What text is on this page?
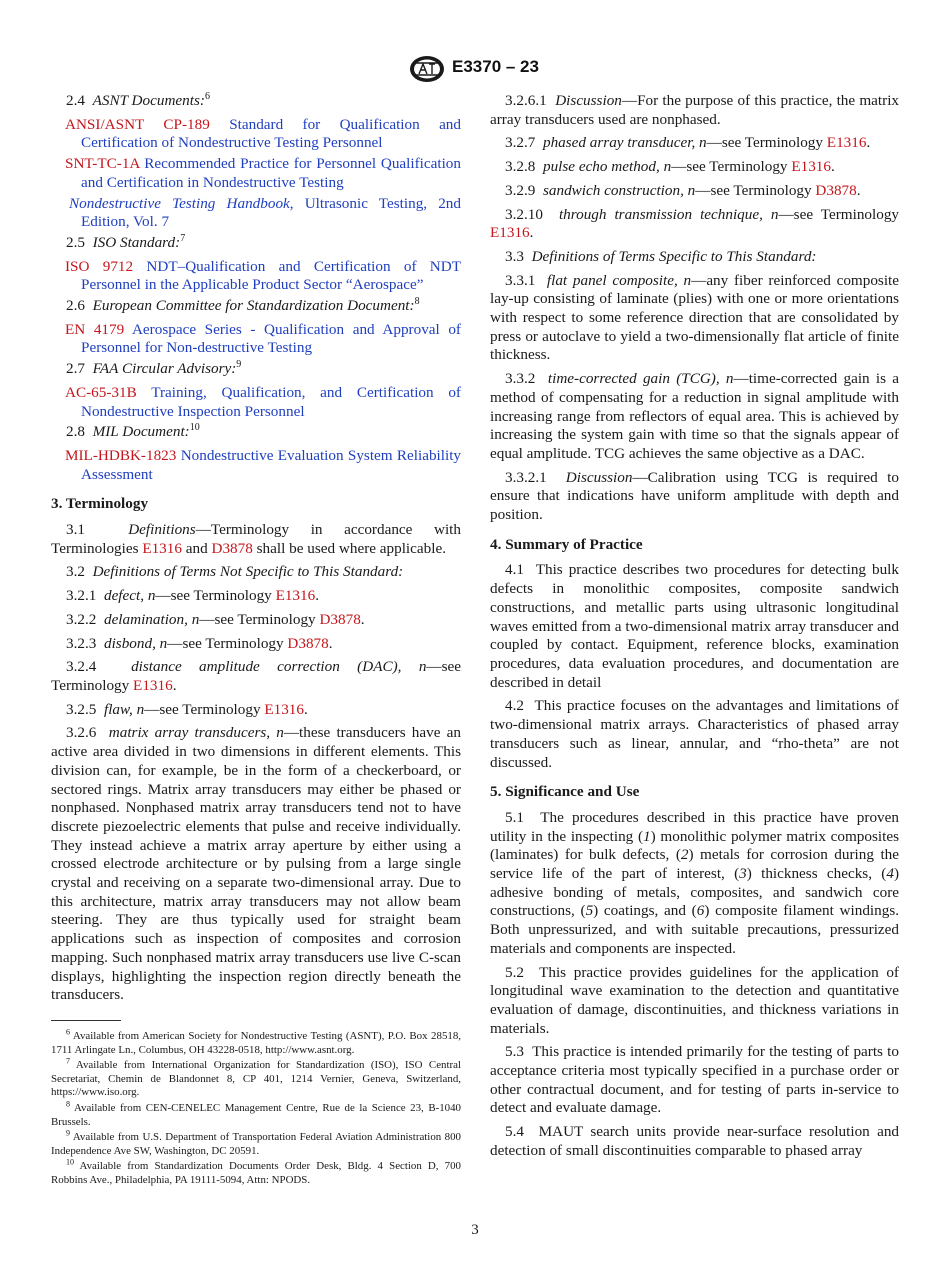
E3370 – 23

2.4 ASNT Documents:$^6$

ANSI/ASNT CP-189 Standard for Qualification and Certification of Nondestructive Testing Personnel

SNT-TC-1A Recommended Practice for Personnel Qualification and Certification in Nondestructive Testing

Nondestructive Testing Handbook, Ultrasonic Testing, 2nd Edition, Vol. 7

2.5 ISO Standard:$^7$

ISO 9712 NDT–Qualification and Certification of NDT Personnel in the Applicable Product Sector “Aerospace”

2.6 European Committee for Standardization Document:$^8$

EN 4179 Aerospace Series - Qualification and Approval of Personnel for Non-destructive Testing

2.7 FAA Circular Advisory:$^9$

AC-65-31B Training, Qualification, and Certification of Nondestructive Inspection Personnel

2.8 MIL Document:$^{10}$

MIL-HDBK-1823 Nondestructive Evaluation System Reliability Assessment

3. Terminology

3.1	Definitions—Terminology in accordance with Terminologies E1316 and D3878 shall be used where applicable.

3.2 Definitions of Terms Not Specific to This Standard:

3.2.1 defect, n—see Terminology E1316.

3.2.2 delamination, n—see Terminology D3878.

3.2.3 disbond, n—see Terminology D3878.

3.2.4 distance amplitude correction (DAC), n—see Terminology E1316.

3.2.5 flaw, n—see Terminology E1316.

3.2.6 matrix array transducers, n—these transducers have an active area divided in two dimensions in different elements. This division can, for example, be in the form of a checkerboard, or sectored rings. Matrix array transducers may either be phased or nonphased. Nonphased matrix array transducers tend not to have discrete piezoelectric elements that pulse and receive individually. They instead achieve a matrix array aperture by either using a crossed electrode architecture or by pulsing from a large single crystal and receiving on a separate two-dimensional array. Due to this architecture, matrix array transducers may not allow beam steering. They are thus typically used for straight beam applications such as inspection of composites and corrosion mapping. Such nonphased matrix array transducers use live C-scan displays, highlighting the inspection region directly beneath the transducers.

$^6$ Available from American Society for Nondestructive Testing (ASNT), P.O. Box 28518, 1711 Arlingate Ln., Columbus, OH 43228-0518, http://www.asnt.org.

$^7$ Available from International Organization for Standardization (ISO), ISO Central Secretariat, Chemin de Blandonnet 8, CP 401, 1214 Vernier, Geneva, Switzerland, https://www.iso.org.

$^8$ Available from CEN-CENELEC Management Centre, Rue de la Science 23, B-1040 Brussels.

$^9$ Available from U.S. Department of Transportation Federal Aviation Administration 800 Independence Ave SW, Washington, DC 20591.

$^{10}$ Available from Standardization Documents Order Desk, Bldg. 4 Section D, 700 Robbins Ave., Philadelphia, PA 19111-5094, Attn: NPODS.

3.2.6.1 Discussion—For the purpose of this practice, the matrix array transducers used are nonphased.

3.2.7 phased array transducer, n—see Terminology E1316.

3.2.8 pulse echo method, n—see Terminology E1316.

3.2.9 sandwich construction, n—see Terminology D3878.

3.2.10 through transmission technique, n—see Terminology E1316.

3.3 Definitions of Terms Specific to This Standard:

3.3.1 flat panel composite, n—any fiber reinforced composite lay-up consisting of laminate (plies) with one or more orientations with respect to some reference direction that are consolidated by press or autoclave to yield a two-dimensionally flat article of finite thickness.

3.3.2 time-corrected gain (TCG), n—time-corrected gain is a method of compensating for a reduction in signal amplitude with increasing range from reflectors of equal area. This is achieved by increasing the system gain with time so that the signals appear of equal amplitude. TCG achieves the same objective as a DAC.

3.3.2.1 Discussion—Calibration using TCG is required to ensure that indications have uniform amplitude with depth and position.

4. Summary of Practice

4.1 This practice describes two procedures for detecting bulk defects in monolithic composites, composite sandwich constructions, and metallic parts using ultrasonic longitudinal waves emitted from a two-dimensional matrix array transducer and coupled by contact. Equipment, reference blocks, examination procedures, data evaluation procedures, and documentation are described in detail

4.2 This practice focuses on the advantages and limitations of two-dimensional matrix arrays. Characteristics of phased array transducers such as linear, annular, and “rho-theta” are not discussed.

5. Significance and Use

5.1 The procedures described in this practice have proven utility in the inspecting (1) monolithic polymer matrix composites (laminates) for bulk defects, (2) metals for corrosion during the service life of the part of interest, (3) thickness checks, (4) adhesive bonding of metals, composites, and sandwich core constructions, (5) coatings, and (6) composite filament windings. Both unpressurized, and with suitable precautions, pressurized materials and components are inspected.

5.2 This practice provides guidelines for the application of longitudinal wave examination to the detection and quantitative evaluation of damage, discontinuities, and thickness variations in materials.

5.3 This practice is intended primarily for the testing of parts to acceptance criteria most typically specified in a purchase order or other contractual document, and for testing of parts in-service to detect and evaluate damage.

5.4 MAUT search units provide near-surface resolution and detection of small discontinuities comparable to phased array

3
